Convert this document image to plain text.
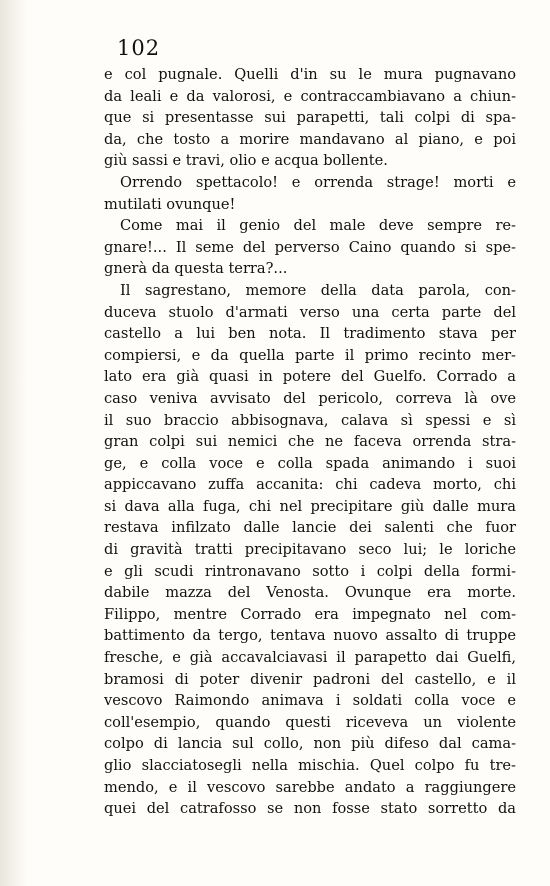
102
e col pugnale. Quelli d'in su le mura pugnavano
da leali e da valorosi, e contraccambiavano a chiun-
que si presentasse sui parapetti, tali colpi di spa-
da, che tosto a morire mandavano al piano, e poi
giù sassi e travi, olio e acqua bollente.
Orrendo spettacolo! e orrenda strage! morti e
mutilati ovunque!
Come mai il genio del male deve sempre re-
gnare!... Il seme del perverso Caino quando si spe-
gnerà da questa terra?...
Il sagrestano, memore della data parola, con-
duceva stuolo d'armati verso una certa parte del
castello a lui ben nota. Il tradimento stava per
compiersi, e da quella parte il primo recinto mer-
lato era già quasi in potere del Guelfo. Corrado a
caso veniva avvisato del pericolo, correva là ove
il suo braccio abbisognava, calava sì spessi e sì
gran colpi sui nemici che ne faceva orrenda stra-
ge, e colla voce e colla spada animando i suoi
appiccavano zuffa accanita: chi cadeva morto, chi
si dava alla fuga, chi nel precipitare giù dalle mura
restava infilzato dalle lancie dei salenti che fuor
di gravità tratti precipitavano seco lui; le loriche
e gli scudi rintronavano sotto i colpi della formi-
dabile mazza del Venosta. Ovunque era morte.
Filippo, mentre Corrado era impegnato nel com-
battimento da tergo, tentava nuovo assalto di truppe
fresche, e già accavalciavasi il parapetto dai Guelfi,
bramosi di poter divenir padroni del castello, e il
vescovo Raimondo animava i soldati colla voce e
coll'esempio, quando questi riceveva un violente
colpo di lancia sul collo, non più difeso dal cama-
glio slacciatosegli nella mischia. Quel colpo fu tre-
mendo, e il vescovo sarebbe andato a raggiungere
quei del catrafosso se non fosse stato sorretto da
